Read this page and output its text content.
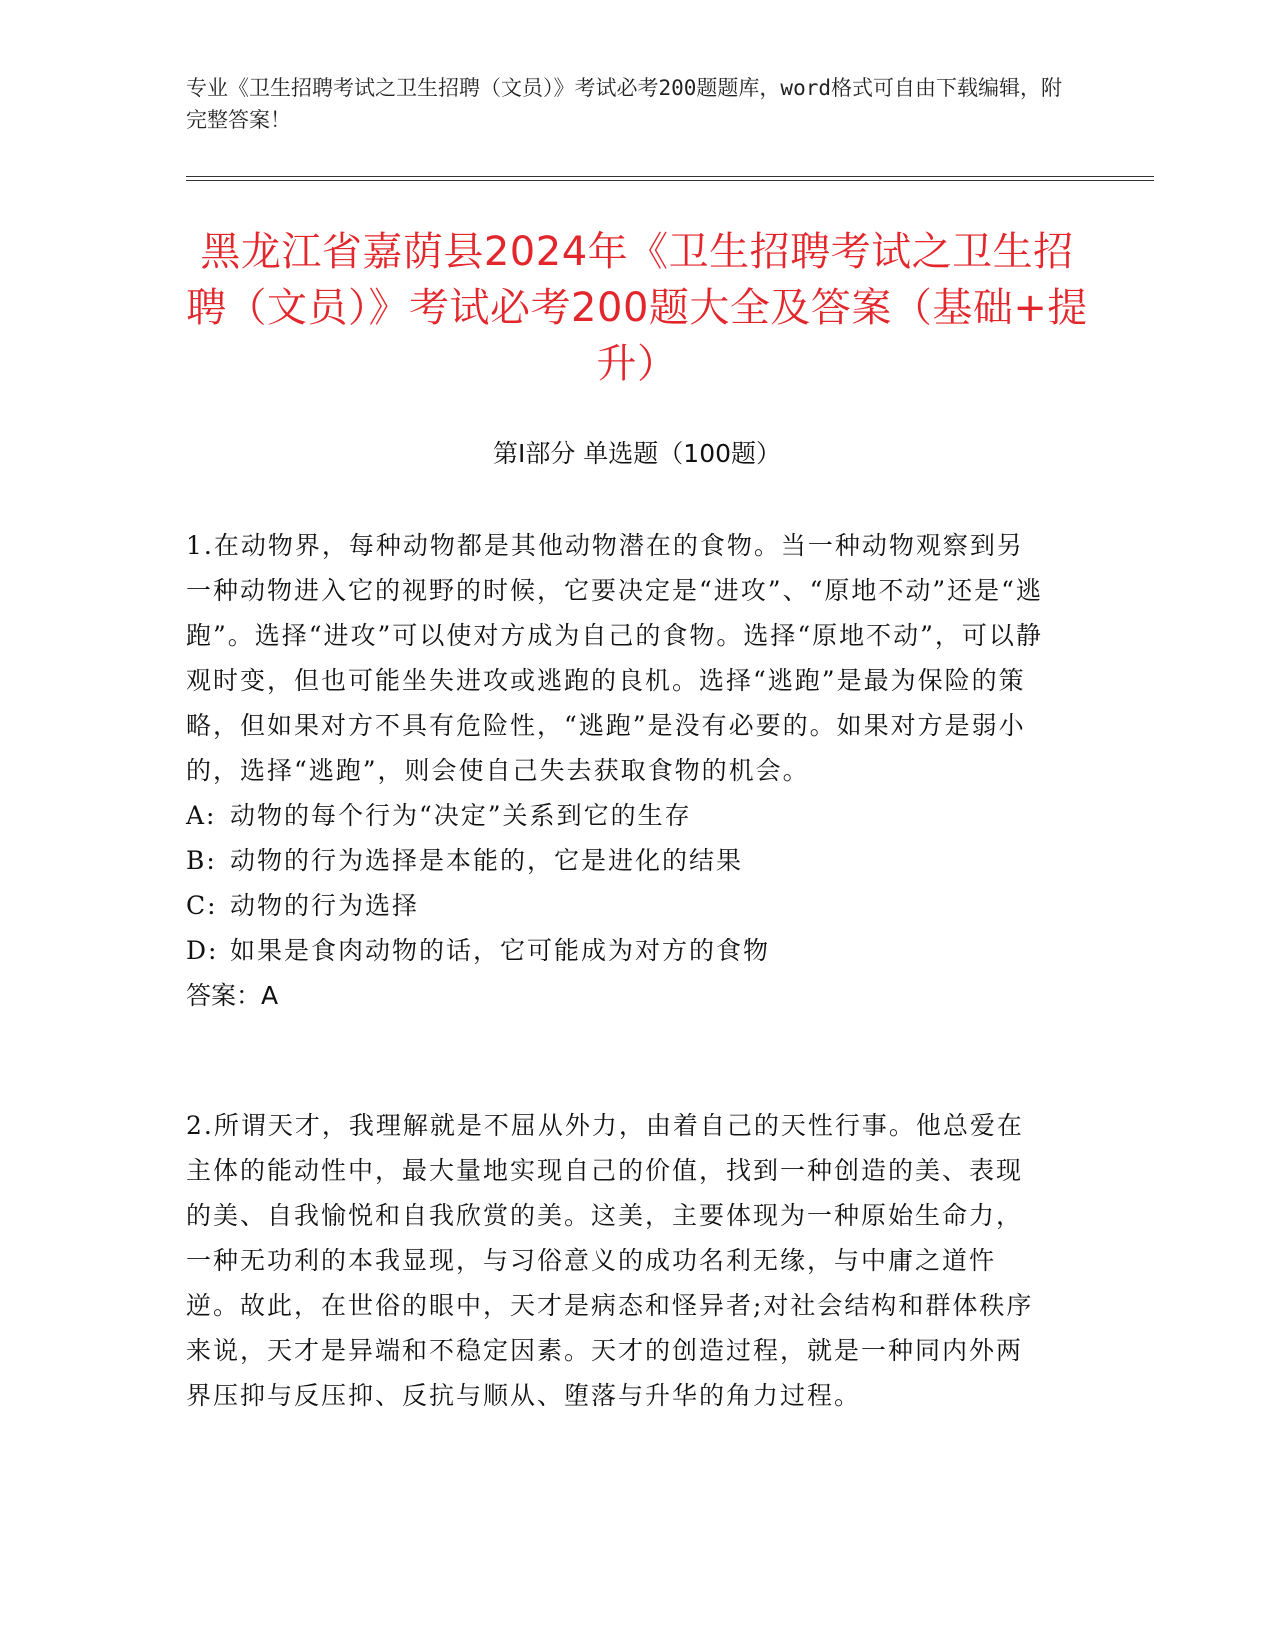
专业《卫生招聘考试之卫生招聘（文员）》考试必考200题题库，word格式可自由下载编辑，附完整答案！

黑龙江省嘉荫县2024年《卫生招聘考试之卫生招聘（文员）》考试必考200题大全及答案（基础+提升）
第I部分 单选题（100题）

1.在动物界，每种动物都是其他动物潜在的食物。当一种动物观察到另一种动物进入它的视野的时候，它要决定是“进攻”、“原地不动”还是“逃跑”。选择“进攻”可以使对方成为自己的食物。选择“原地不动”，可以静观时变，但也可能坐失进攻或逃跑的良机。选择“逃跑”是最为保险的策略，但如果对方不具有危险性，“逃跑”是没有必要的。如果对方是弱小的，选择“逃跑”，则会使自己失去获取食物的机会。

A: 动物的每个行为“决定”关系到它的生存

B: 动物的行为选择是本能的，它是进化的结果

C: 动物的行为选择

D: 如果是食肉动物的话，它可能成为对方的食物

答案：A

2.所谓天才，我理解就是不屈从外力，由着自己的天性行事。他总爱在主体的能动性中，最大量地实现自己的价值，找到一种创造的美、表现的美、自我愉悦和自我欣赏的美。这美，主要体现为一种原始生命力，一种无功利的本我显现，与习俗意义的成功名利无缘，与中庸之道忤逆。故此，在世俗的眼中，天才是病态和怪异者;对社会结构和群体秩序来说，天才是异端和不稳定因素。天才的创造过程，就是一种同内外两界压抑与反压抑、反抗与顺从、堕落与升华的角力过程。
